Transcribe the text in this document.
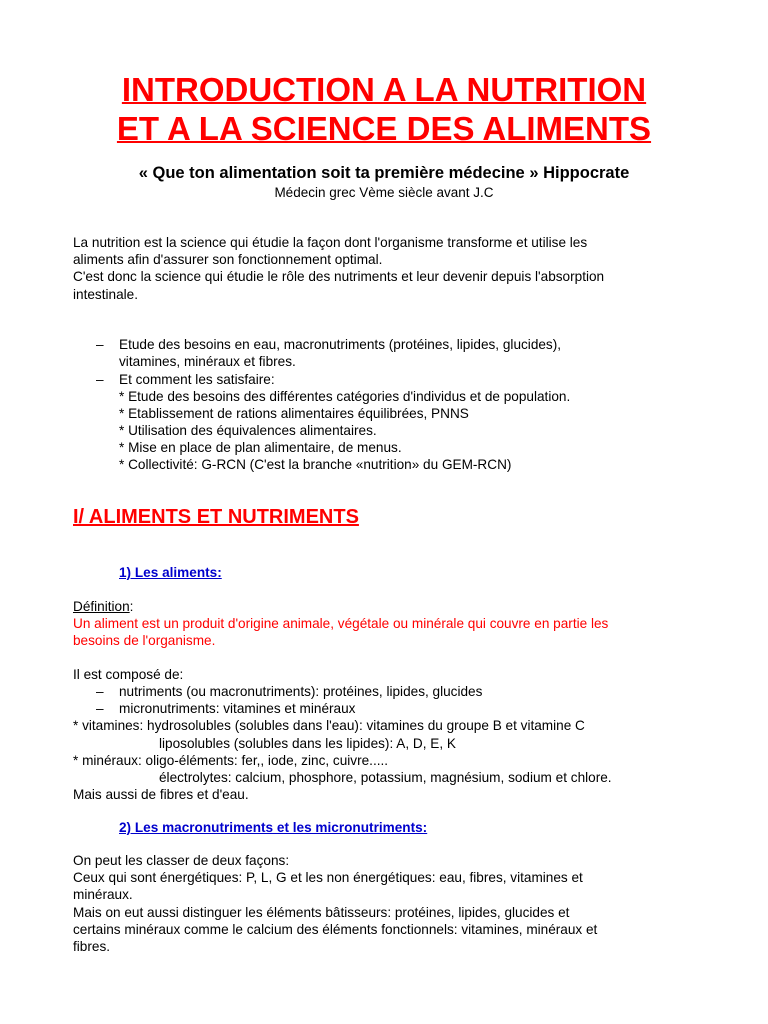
INTRODUCTION A LA NUTRITION
ET A LA SCIENCE DES ALIMENTS
« Que ton alimentation soit ta première médecine » Hippocrate
Médecin grec Vème siècle avant J.C
La nutrition est la science qui étudie la façon dont l'organisme transforme et utilise les
aliments afin d'assurer son fonctionnement optimal.
C'est donc la science qui étudie le rôle des nutriments et leur devenir depuis l'absorption
intestinale.
– Etude des besoins en eau, macronutriments (protéines, lipides, glucides),
vitamines, minéraux et fibres.
– Et comment les satisfaire:
* Etude des besoins des différentes catégories d'individus et de population.
* Etablissement de rations alimentaires équilibrées, PNNS
* Utilisation des équivalences alimentaires.
* Mise en place de plan alimentaire, de menus.
* Collectivité: G-RCN (C'est la branche «nutrition» du GEM-RCN)
I/ ALIMENTS ET NUTRIMENTS
1) Les aliments:
Définition:
Un aliment est un produit d'origine animale, végétale ou minérale qui couvre en partie les
besoins de l'organisme.
Il est composé de:
– nutriments (ou macronutriments): protéines, lipides, glucides
– micronutriments: vitamines et minéraux
* vitamines: hydrosolubles (solubles dans l'eau): vitamines du groupe B et vitamine C
liposolubles (solubles dans les lipides): A, D, E, K
* minéraux: oligo-éléments: fer,, iode, zinc, cuivre.....
électrolytes: calcium, phosphore, potassium, magnésium, sodium et chlore.
Mais aussi de fibres et d'eau.
2) Les macronutriments et les micronutriments:
On peut les classer de deux façons:
Ceux qui sont énergétiques: P, L, G et les non énergétiques: eau, fibres, vitamines et
minéraux.
Mais on eut aussi distinguer les éléments bâtisseurs: protéines, lipides, glucides et
certains minéraux comme le calcium des éléments fonctionnels: vitamines, minéraux et
fibres.
